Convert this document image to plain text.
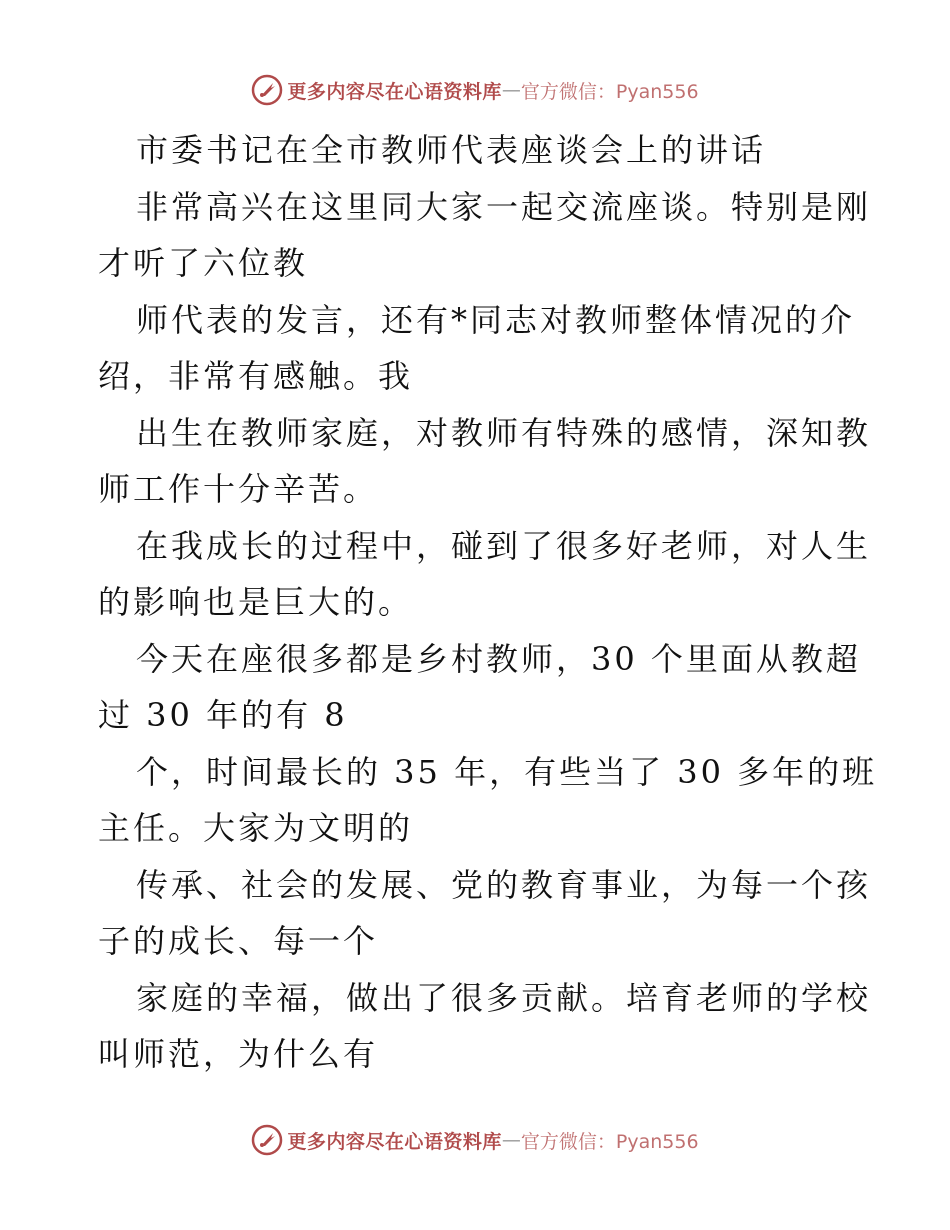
更多内容尽在心语资料库 — 官方微信：Pyan556
市委书记在全市教师代表座谈会上的讲话
非常高兴在这里同大家一起交流座谈。特别是刚
才听了六位教
师代表的发言，还有*同志对教师整体情况的介
绍，非常有感触。我
出生在教师家庭，对教师有特殊的感情，深知教
师工作十分辛苦。
在我成长的过程中，碰到了很多好老师，对人生
的影响也是巨大的。
今天在座很多都是乡村教师，30 个里面从教超
过 30 年的有 8
个，时间最长的 35 年，有些当了 30 多年的班
主任。大家为文明的
传承、社会的发展、党的教育事业，为每一个孩
子的成长、每一个
家庭的幸福，做出了很多贡献。培育老师的学校
叫师范，为什么有
更多内容尽在心语资料库 — 官方微信：Pyan556
